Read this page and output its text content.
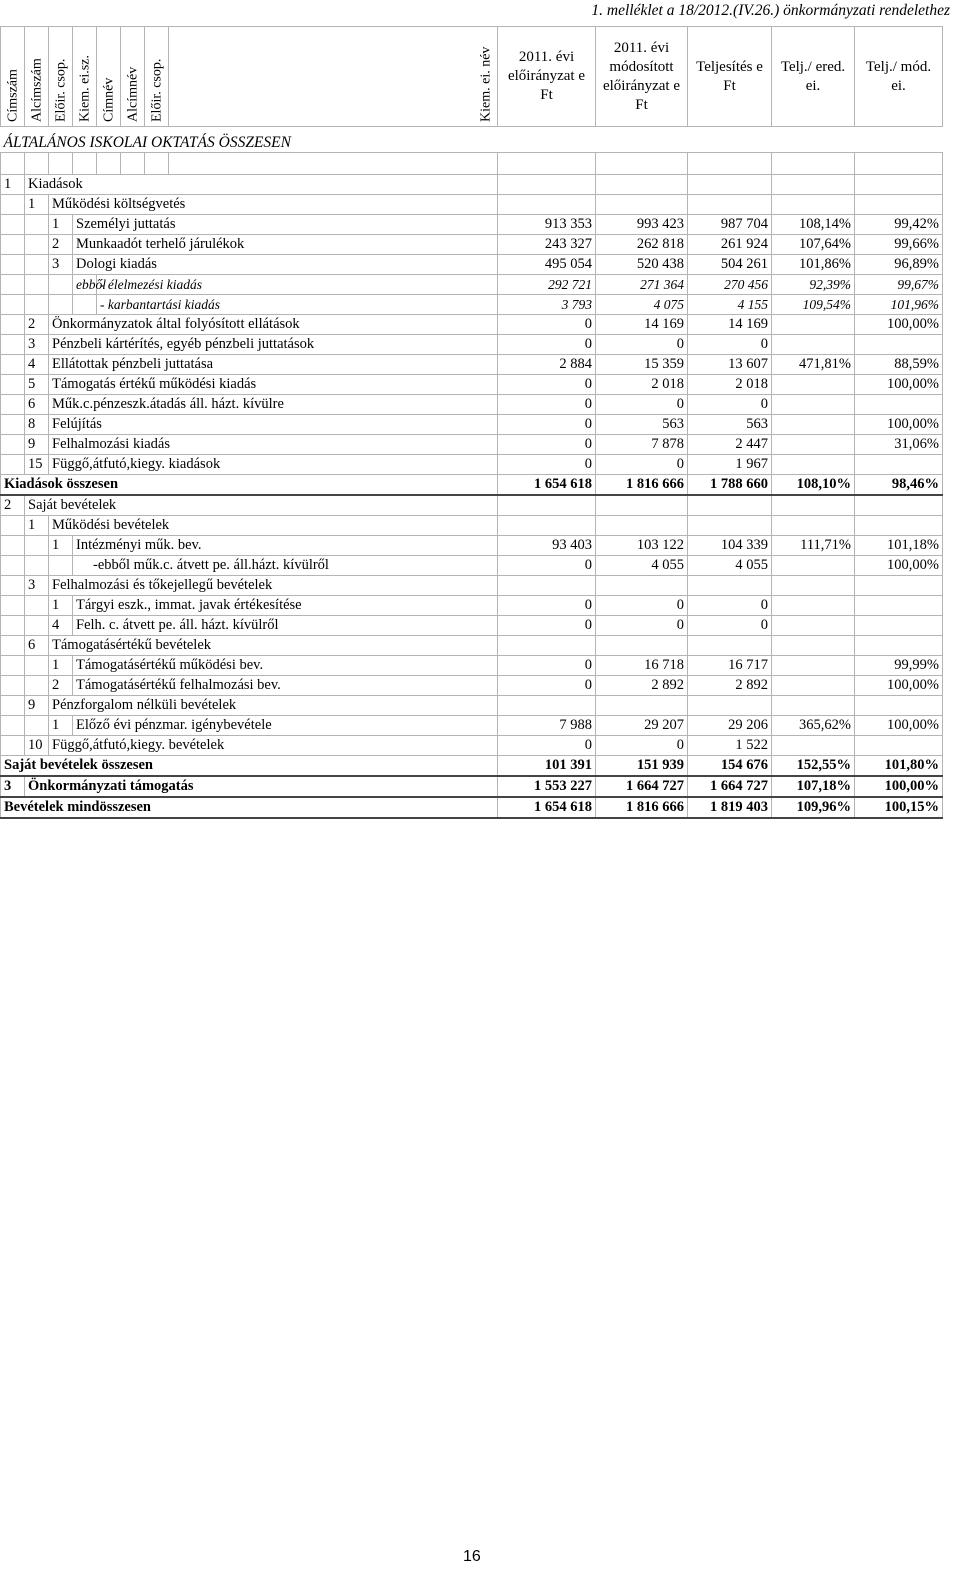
1. melléklet a 18/2012.(IV.26.) önkormányzati rendelethez
Címszám	Alcímszám	Előir. csop.	Kiem. ei.sz.	Címnév	Alcímnév	Előir. csop.	Kiem. ei. név	2011. évi előirányzat e Ft	2011. évi módosított előirányzat e Ft	Teljesítés e Ft	Telj./ ered. ei.	Telj./ mód. ei.
ÁLTALÁNOS ISKOLAI OKTATÁS ÖSSZESEN												

1	Kiadások											
	1	Működési költségvetés										
		1	Személyi juttatás					913 353	993 423	987 704	108,14%	99,42%
		2	Munkaadót terhelő járulékok					243 327	262 818	261 924	107,64%	99,66%
		3	Dologi kiadás					495 054	520 438	504 261	101,86%	96,89%
			ebből	- élelmezési kiadás				292 721	271 364	270 456	92,39%	99,67%
				- karbantartási kiadás				3 793	4 075	4 155	109,54%	101,96%
	2	Önkormányzatok által folyósított ellátások						0	14 169	14 169		100,00%
	3	Pénzbeli kártérítés, egyéb pénzbeli juttatások						0	0	0		
	4	Ellátottak pénzbeli juttatása						2 884	15 359	13 607	471,81%	88,59%
	5	Támogatás értékű működési kiadás						0	2 018	2 018		100,00%
	6	Műk.c.pénzeszk.átadás áll. házt. kívülre						0	0	0		
	8	Felújítás						0	563	563		100,00%
	9	Felhalmozási kiadás						0	7 878	2 447		31,06%
	15	Függő,átfutó,kiegy. kiadások						0	0	1 967		
Kiadások összesen								1 654 618	1 816 666	1 788 660	108,10%	98,46%
2	Saját bevételek											
	1	Működési bevételek										
		1	Intézményi műk. bev.					93 403	103 122	104 339	111,71%	101,18%
			-ebből műk.c. átvett pe. áll.házt. kívülről					0	4 055	4 055		100,00%
	3	Felhalmozási és tőkejellegű bevételek										
		1	Tárgyi eszk., immat. javak értékesítése					0	0	0		
		4	Felh. c. átvett pe. áll. házt. kívülről					0	0	0		
	6	Támogatásértékű bevételek										
		1	Támogatásértékű működési bev.					0	16 718	16 717		99,99%
		2	Támogatásértékű felhalmozási bev.					0	2 892	2 892		100,00%
	9	Pénzforgalom nélküli bevételek										
		1	Előző évi pénzmar. igénybevétele					7 988	29 207	29 206	365,62%	100,00%
	10	Függő,átfutó,kiegy. bevételek						0	0	1 522		
Saját bevételek összesen								101 391	151 939	154 676	152,55%	101,80%
3	Önkormányzati támogatás							1 553 227	1 664 727	1 664 727	107,18%	100,00%
Bevételek mindösszesen								1 654 618	1 816 666	1 819 403	109,96%	100,15%
16
